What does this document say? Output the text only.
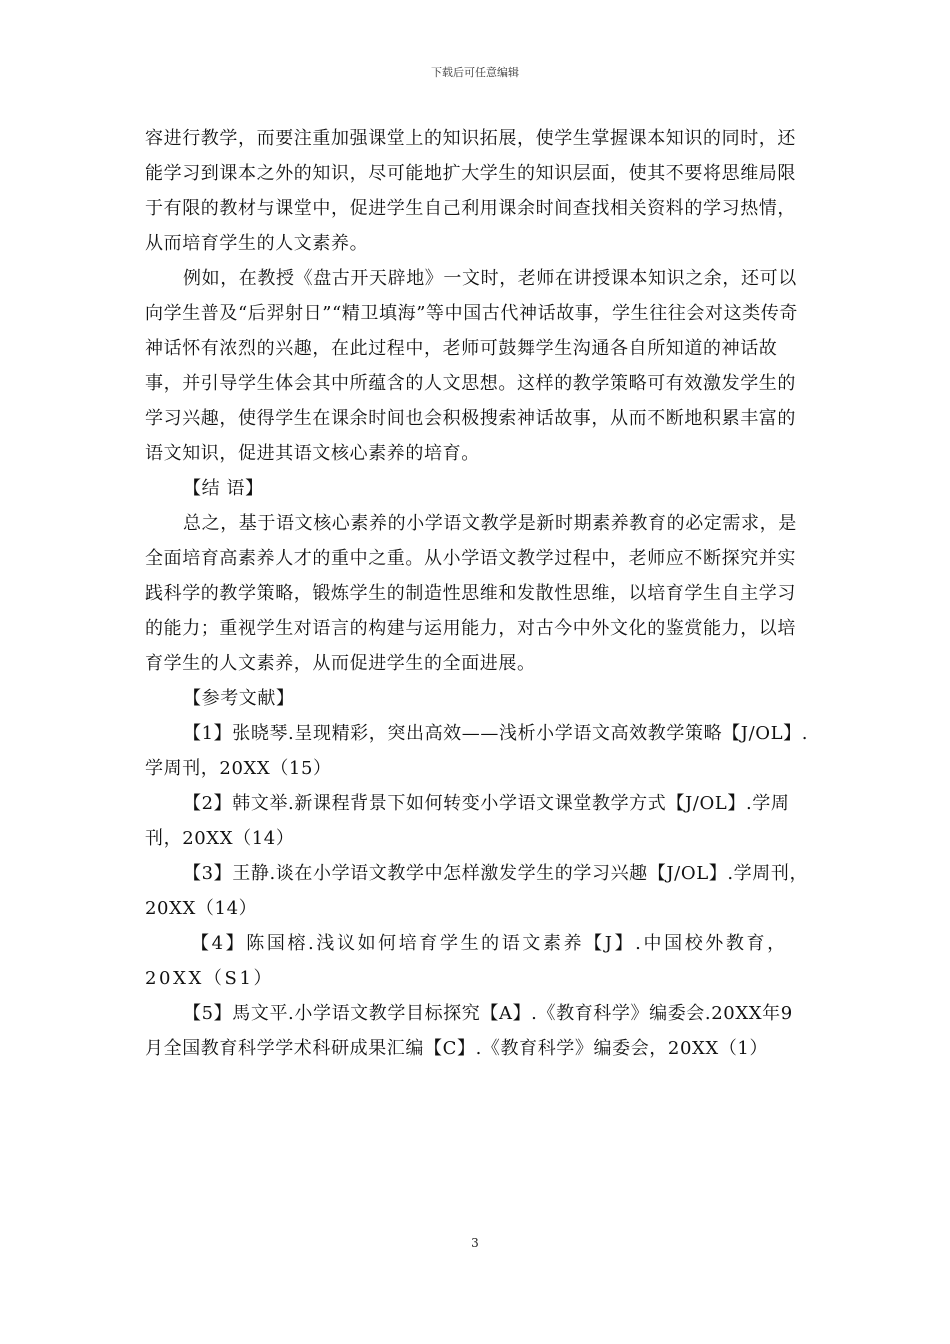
下载后可任意编辑

容进行教学，而要注重加强课堂上的知识拓展，使学生掌握课本知识的同时，还能学习到课本之外的知识，尽可能地扩大学生的知识层面，使其不要将思维局限于有限的教材与课堂中，促进学生自己利用课余时间查找相关资料的学习热情，从而培育学生的人文素养。

例如，在教授《盘古开天辟地》一文时，老师在讲授课本知识之余，还可以向学生普及“后羿射日”“精卫填海”等中国古代神话故事，学生往往会对这类传奇神话怀有浓烈的兴趣，在此过程中，老师可鼓舞学生沟通各自所知道的神话故事，并引导学生体会其中所蕴含的人文思想。这样的教学策略可有效激发学生的学习兴趣，使得学生在课余时间也会积极搜索神话故事，从而不断地积累丰富的语文知识，促进其语文核心素养的培育。

【结 语】

总之，基于语文核心素养的小学语文教学是新时期素养教育的必定需求，是全面培育高素养人才的重中之重。从小学语文教学过程中，老师应不断探究并实践科学的教学策略，锻炼学生的制造性思维和发散性思维，以培育学生自主学习的能力；重视学生对语言的构建与运用能力，对古今中外文化的鉴赏能力，以培育学生的人文素养，从而促进学生的全面进展。

【参考文献】

【1】张晓琴.呈现精彩，突出高效——浅析小学语文高效教学策略【J/OL】.学周刊，20XX（15）

【2】韩文举.新课程背景下如何转变小学语文课堂教学方式【J/OL】.学周刊，20XX（14）

【3】王静.谈在小学语文教学中怎样激发学生的学习兴趣【J/OL】.学周刊，20XX（14）

【4】陈国榕.浅议如何培育学生的语文素养【J】.中国校外教育，20XX（S1）

【5】馬文平.小学语文教学目标探究【A】.《教育科学》编委会.20XX年9月全国教育科学学术科研成果汇编【C】.《教育科学》编委会，20XX（1）

3
